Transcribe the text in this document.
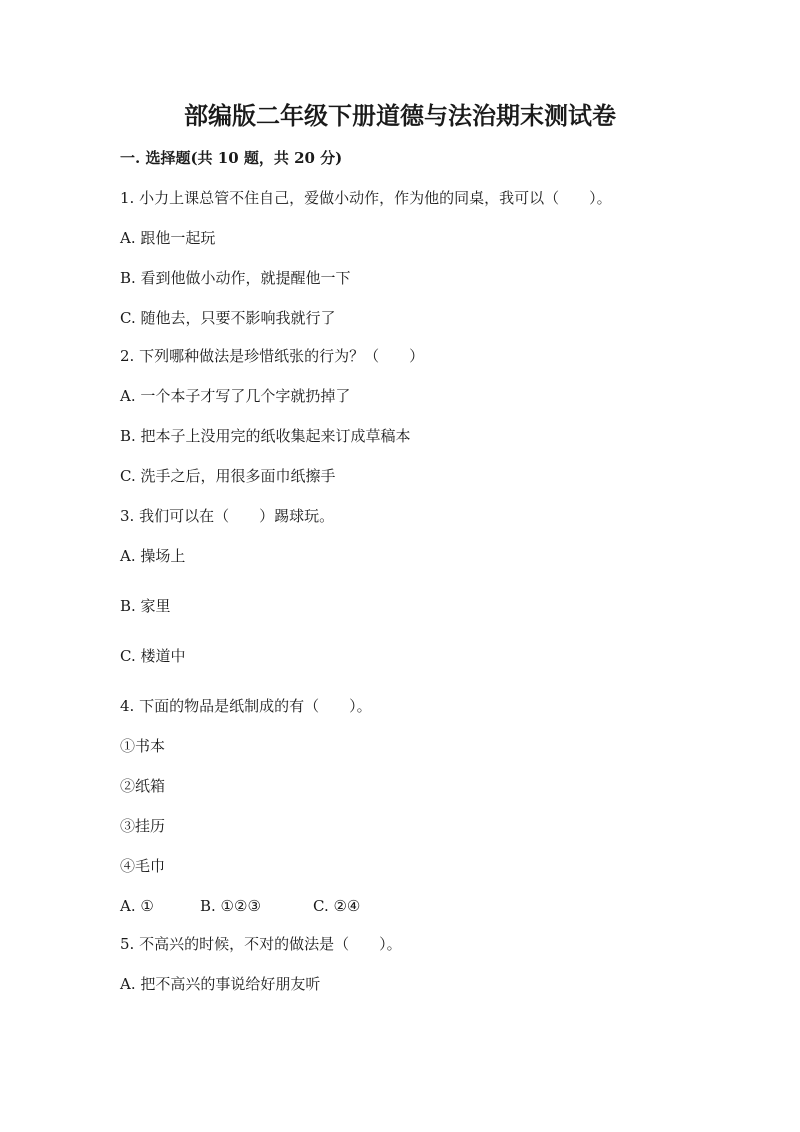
部编版二年级下册道德与法治期末测试卷
一. 选择题(共 10 题，共 20 分)
1. 小力上课总管不住自己，爱做小动作，作为他的同桌，我可以（　　）。
A. 跟他一起玩
B. 看到他做小动作，就提醒他一下
C. 随他去，只要不影响我就行了
2. 下列哪种做法是珍惜纸张的行为？（　　）
A. 一个本子才写了几个字就扔掉了
B. 把本子上没用完的纸收集起来订成草稿本
C. 洗手之后，用很多面巾纸擦手
3. 我们可以在（　　）踢球玩。
A. 操场上
B. 家里
C. 楼道中
4. 下面的物品是纸制成的有（　　）。
①书本
②纸箱
③挂历
④毛巾
A. ①	B. ①②③	C. ②④
5. 不高兴的时候，不对的做法是（　　）。
A. 把不高兴的事说给好朋友听
